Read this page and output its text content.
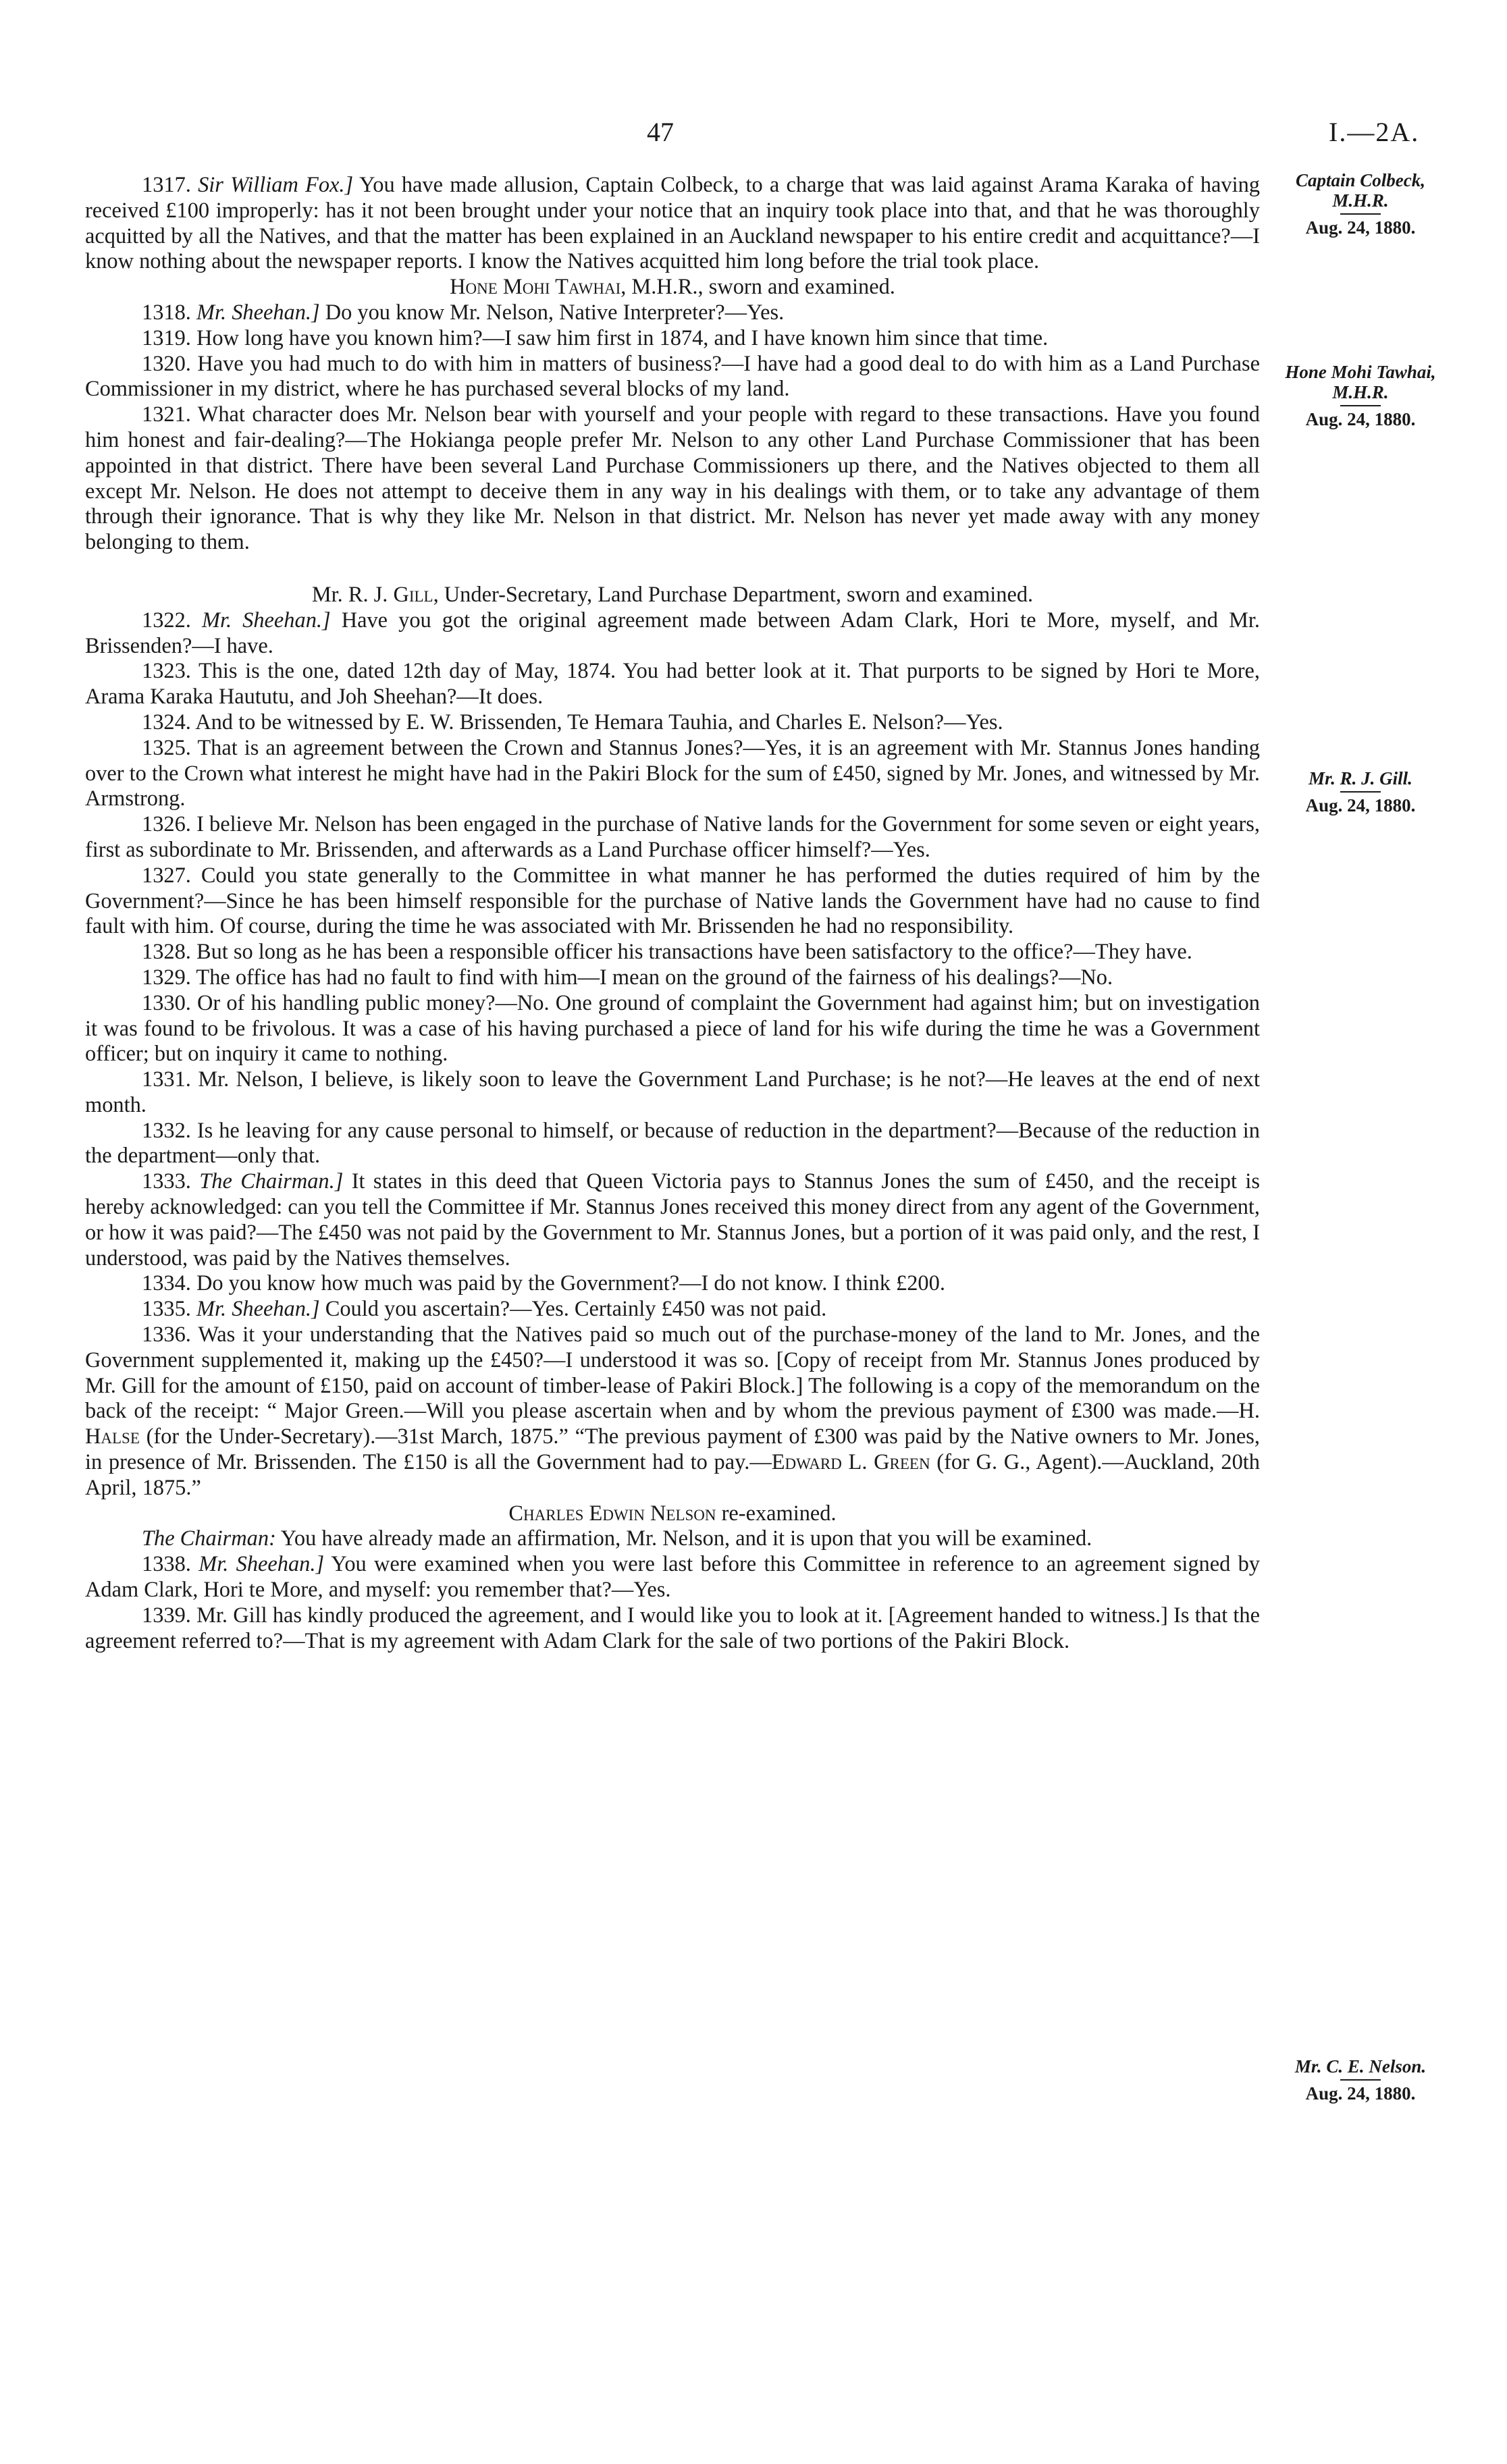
47	I.—2A.
Captain Colbeck, M.H.R.
Aug. 24, 1880.
Hone Mohi Tawhai, M.H.R.
Aug. 24, 1880.
Mr. R. J. Gill.
Aug. 24, 1880.
Mr. C. E. Nelson.
Aug. 24, 1880.

1317. Sir William Fox.] You have made allusion, Captain Colbeck, to a charge that was laid against Arama Karaka of having received £100 improperly: has it not been brought under your notice that an inquiry took place into that, and that he was thoroughly acquitted by all the Natives, and that the matter has been explained in an Auckland newspaper to his entire credit and acquittance?—I know nothing about the newspaper reports. I know the Natives acquitted him long before the trial took place.

Hone Mohi Tawhai, M.H.R., sworn and examined.

1318. Mr. Sheehan.] Do you know Mr. Nelson, Native Interpreter?—Yes.

1319. How long have you known him?—I saw him first in 1874, and I have known him since that time.

1320. Have you had much to do with him in matters of business?—I have had a good deal to do with him as a Land Purchase Commissioner in my district, where he has purchased several blocks of my land.

1321. What character does Mr. Nelson bear with yourself and your people with regard to these transactions. Have you found him honest and fair-dealing?—The Hokianga people prefer Mr. Nelson to any other Land Purchase Commissioner that has been appointed in that district. There have been several Land Purchase Commissioners up there, and the Natives objected to them all except Mr. Nelson. He does not attempt to deceive them in any way in his dealings with them, or to take any advantage of them through their ignorance. That is why they like Mr. Nelson in that district. Mr. Nelson has never yet made away with any money belonging to them.

Mr. R. J. Gill, Under-Secretary, Land Purchase Department, sworn and examined.

1322. Mr. Sheehan.] Have you got the original agreement made between Adam Clark, Hori te More, myself, and Mr. Brissenden?—I have.

1323. This is the one, dated 12th day of May, 1874. You had better look at it. That purports to be signed by Hori te More, Arama Karaka Haututu, and Joh Sheehan?—It does.

1324. And to be witnessed by E. W. Brissenden, Te Hemara Tauhia, and Charles E. Nelson?—Yes.

1325. That is an agreement between the Crown and Stannus Jones?—Yes, it is an agreement with Mr. Stannus Jones handing over to the Crown what interest he might have had in the Pakiri Block for the sum of £450, signed by Mr. Jones, and witnessed by Mr. Armstrong.

1326. I believe Mr. Nelson has been engaged in the purchase of Native lands for the Government for some seven or eight years, first as subordinate to Mr. Brissenden, and afterwards as a Land Purchase officer himself?—Yes.

1327. Could you state generally to the Committee in what manner he has performed the duties required of him by the Government?—Since he has been himself responsible for the purchase of Native lands the Government have had no cause to find fault with him. Of course, during the time he was associated with Mr. Brissenden he had no responsibility.

1328. But so long as he has been a responsible officer his transactions have been satisfactory to the office?—They have.

1329. The office has had no fault to find with him—I mean on the ground of the fairness of his dealings?—No.

1330. Or of his handling public money?—No. One ground of complaint the Government had against him; but on investigation it was found to be frivolous. It was a case of his having purchased a piece of land for his wife during the time he was a Government officer; but on inquiry it came to nothing.

1331. Mr. Nelson, I believe, is likely soon to leave the Government Land Purchase; is he not?—He leaves at the end of next month.

1332. Is he leaving for any cause personal to himself, or because of reduction in the department?—Because of the reduction in the department—only that.

1333. The Chairman.] It states in this deed that Queen Victoria pays to Stannus Jones the sum of £450, and the receipt is hereby acknowledged: can you tell the Committee if Mr. Stannus Jones received this money direct from any agent of the Government, or how it was paid?—The £450 was not paid by the Government to Mr. Stannus Jones, but a portion of it was paid only, and the rest, I understood, was paid by the Natives themselves.

1334. Do you know how much was paid by the Government?—I do not know. I think £200.

1335. Mr. Sheehan.] Could you ascertain?—Yes. Certainly £450 was not paid.

1336. Was it your understanding that the Natives paid so much out of the purchase-money of the land to Mr. Jones, and the Government supplemented it, making up the £450?—I understood it was so. [Copy of receipt from Mr. Stannus Jones produced by Mr. Gill for the amount of £150, paid on account of timber-lease of Pakiri Block.] The following is a copy of the memorandum on the back of the receipt: “ Major Green.—Will you please ascertain when and by whom the previous payment of £300 was made.—H. Halse (for the Under-Secretary).—31st March, 1875.” “The previous payment of £300 was paid by the Native owners to Mr. Jones, in presence of Mr. Brissenden. The £150 is all the Government had to pay.—Edward L. Green (for G. G., Agent).—Auckland, 20th April, 1875.”

Charles Edwin Nelson re-examined.

The Chairman: You have already made an affirmation, Mr. Nelson, and it is upon that you will be examined.

1338. Mr. Sheehan.] You were examined when you were last before this Committee in reference to an agreement signed by Adam Clark, Hori te More, and myself: you remember that?—Yes.

1339. Mr. Gill has kindly produced the agreement, and I would like you to look at it. [Agreement handed to witness.] Is that the agreement referred to?—That is my agreement with Adam Clark for the sale of two portions of the Pakiri Block.
